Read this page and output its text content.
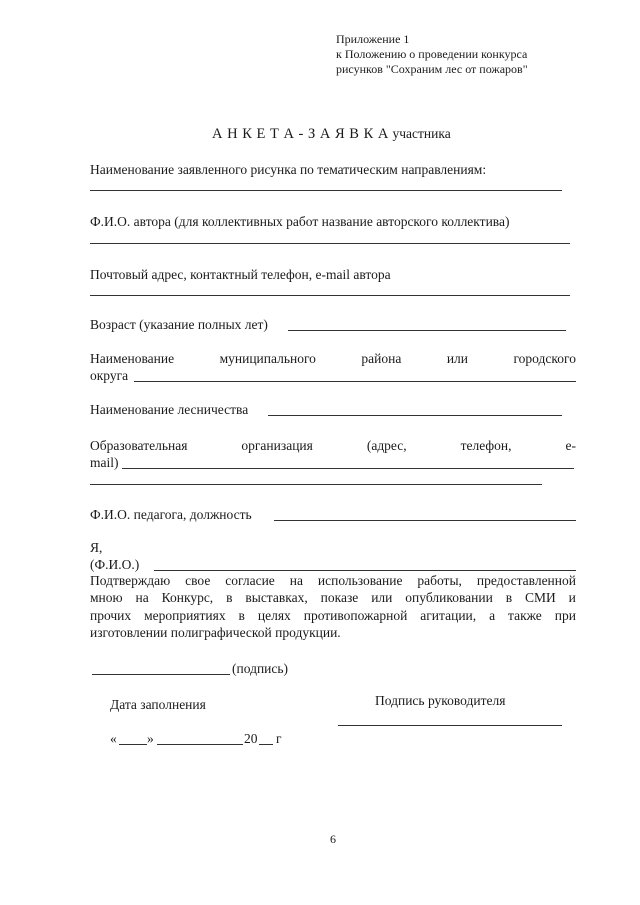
Приложение 1
к Положению о проведении конкурса
рисунков "Сохраним лес от пожаров"
А Н К Е Т А - З А Я В К А участника
Наименование заявленного рисунка по тематическим направлениям:
Ф.И.О. автора (для коллективных работ название авторского коллектива)
Почтовый адрес, контактный телефон, e-mail автора
Возраст (указание полных лет)
Наименование	муниципального	района	или	городского
округа
Наименование лесничества
Образовательная	организация	(адрес,	телефон,	е-
mail)
Ф.И.О. педагога, должность
Я,
(Ф.И.О.)
Подтверждаю свое согласие на использование работы, предоставленной
мною на Конкурс, в выставках, показе или опубликовании в СМИ и
прочих мероприятиях в целях противопожарной агитации, а также при
изготовлении полиграфической продукции.
(подпись)
Дата заполнения	Подпись руководителя
« »	20 г
6
